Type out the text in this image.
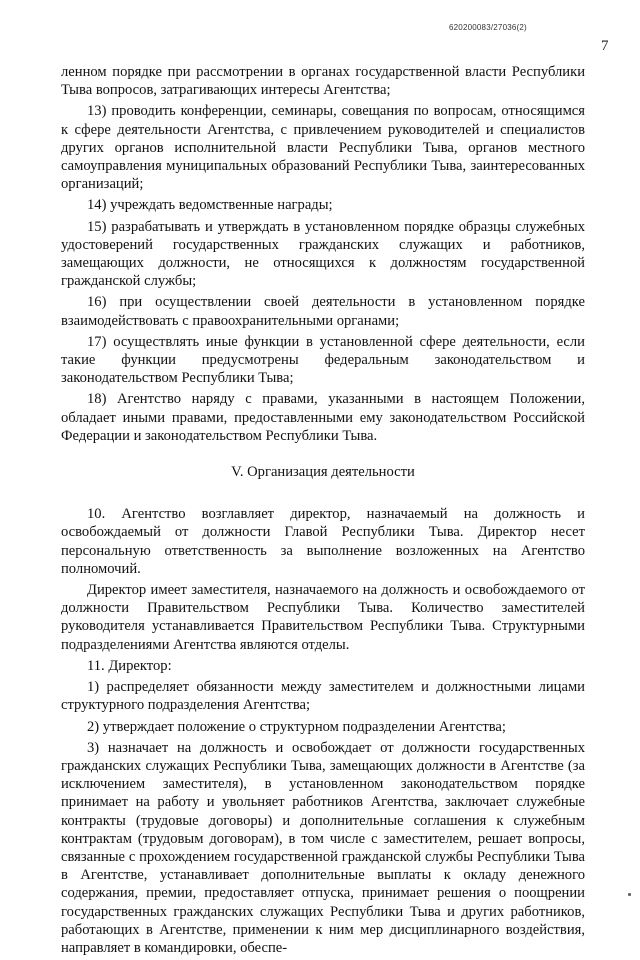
620200083/27036(2)
7

ленном порядке при рассмотрении в органах государственной власти Республики Тыва вопросов, затрагивающих интересы Агентства;

13) проводить конференции, семинары, совещания по вопросам, относящимся к сфере деятельности Агентства, с привлечением руководителей и специалистов других органов исполнительной власти Республики Тыва, органов местного самоуправления муниципальных образований Республики Тыва, заинтересованных организаций;

14) учреждать ведомственные награды;

15) разрабатывать и утверждать в установленном порядке образцы служебных удостоверений государственных гражданских служащих и работников, замещающих должности, не относящихся к должностям государственной гражданской службы;

16) при осуществлении своей деятельности в установленном порядке взаимодействовать с правоохранительными органами;

17) осуществлять иные функции в установленной сфере деятельности, если такие функции предусмотрены федеральным законодательством и законодательством Республики Тыва;

18) Агентство наряду с правами, указанными в настоящем Положении, обладает иными правами, предоставленными ему законодательством Российской Федерации и законодательством Республики Тыва.

V. Организация деятельности

10. Агентство возглавляет директор, назначаемый на должность и освобождаемый от должности Главой Республики Тыва. Директор несет персональную ответственность за выполнение возложенных на Агентство полномочий.

Директор имеет заместителя, назначаемого на должность и освобождаемого от должности Правительством Республики Тыва. Количество заместителей руководителя устанавливается Правительством Республики Тыва. Структурными подразделениями Агентства являются отделы.

11. Директор:

1) распределяет обязанности между заместителем и должностными лицами структурного подразделения Агентства;

2) утверждает положение о структурном подразделении Агентства;

3) назначает на должность и освобождает от должности государственных гражданских служащих Республики Тыва, замещающих должности в Агентстве (за исключением заместителя), в установленном законодательством порядке принимает на работу и увольняет работников Агентства, заключает служебные контракты (трудовые договоры) и дополнительные соглашения к служебным контрактам (трудовым договорам), в том числе с заместителем, решает вопросы, связанные с прохождением государственной гражданской службы Республики Тыва в Агентстве, устанавливает дополнительные выплаты к окладу денежного содержания, премии, предоставляет отпуска, принимает решения о поощрении государственных гражданских служащих Республики Тыва и других работников, работающих в Агентстве, применении к ним мер дисциплинарного воздействия, направляет в командировки, обеспе-
